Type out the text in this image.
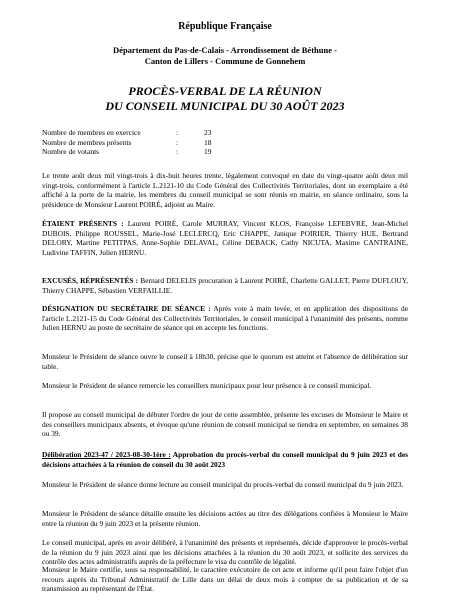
République Française
Département du Pas-de-Calais - Arrondissement de Béthune -
Canton de Lillers - Commune de Gonnehem
PROCÈS-VERBAL DE LA RÉUNION
DU CONSEIL MUNICIPAL DU 30 AOÛT 2023
Nombre de membres en exercice	:	23
Nombre de membres présents	:	18
Nombre de votants	:	19

Le trente août deux mil vingt-trois à dix-huit heures trente, légalement convoqué en date du vingt-quatre août deux mil vingt-trois, conformément à l'article L.2121-10 du Code Général des Collectivités Territoriales, dont un exemplaire a été affiché à la porte de la mairie, les membres du conseil municipal se sont réunis en mairie, en séance ordinaire, sous la présidence de Monsieur Laurent POIRÉ, adjoint au Maire.

ÉTAIENT PRÉSENTS : Laurent POIRÉ, Carole MURRAY, Vincent KLOS, Françoise LEFEBVRE, Jean-Michel DUBOIS, Philippe ROUSSEL, Marie-José LECLERCQ, Eric CHAPPE, Janique POIRIER, Thierry HUE, Bertrand DELORY, Martine PETITPAS, Anne-Sophie DELAVAL, Céline DEBACK, Cathy NICUTA, Maxime CANTRAINE, Ludivine TAFFIN, Julien HERNU.

EXCUSÉS, RÉPRÉSENTÉS : Bernard DELELIS procuration à Laurent POIRÉ, Charlette GALLET, Pierre DUFLOUY, Thierry CHAPPE, Sébastien VERFAILLIE.

DÉSIGNATION DU SECRÉTAIRE DE SÉANCE : Après vote à main levée, et en application des dispositions de l'article L.2121-15 du Code Général des Collectivités Territoriales, le conseil municipal à l'unanimité des présents, nomme Julien HERNU au poste de secrétaire de séance qui en accepte les fonctions.

Monsieur le Président de séance ouvre le conseil à 18h30, précise que le quorum est atteint et l'absence de délibération sur table.

Monsieur le Président de séance remercie les conseillers municipaux pour leur présence à ce conseil municipal.

Il propose au conseil municipal de débuter l'ordre de jour de cette assemblée, présente les excuses de Monsieur le Maire et des conseillers municipaux absents, et évoque qu'une réunion de conseil municipal se tiendra en septembre, en semaines 38 ou 39.

Délibération 2023-47 / 2023-08-30-1ère : Approbation du procès-verbal du conseil municipal du 9 juin 2023 et des décisions attachées à la réunion de conseil du 30 août 2023

Monsieur le Président de séance donne lecture au conseil municipal du procès-verbal du conseil municipal du 9 juin 2023.

Monsieur le Président de séance détaille ensuite les décisions actées au titre des délégations confiées à Monsieur le Maire entre la réunion du 9 juin 2023 et la présente réunion.

Le conseil municipal, après en avoir délibéré, à l'unanimité des présents et représentés, décide d'approuver le procès-verbal de la réunion du 9 juin 2023 ainsi que les décisions attachées à la réunion du 30 août 2023, et sollicite des services du contrôle des actes administratifs auprès de la préfecture le visa du contrôle de légalité.

Monsieur le Maire certifie, sous sa responsabilité, le caractère exécutoire de cet acte et informe qu'il peut faire l'objet d'un recours auprès du Tribunal Administratif de Lille dans un délai de deux mois à compter de sa publication et de sa transmission au représentant de l'État.
